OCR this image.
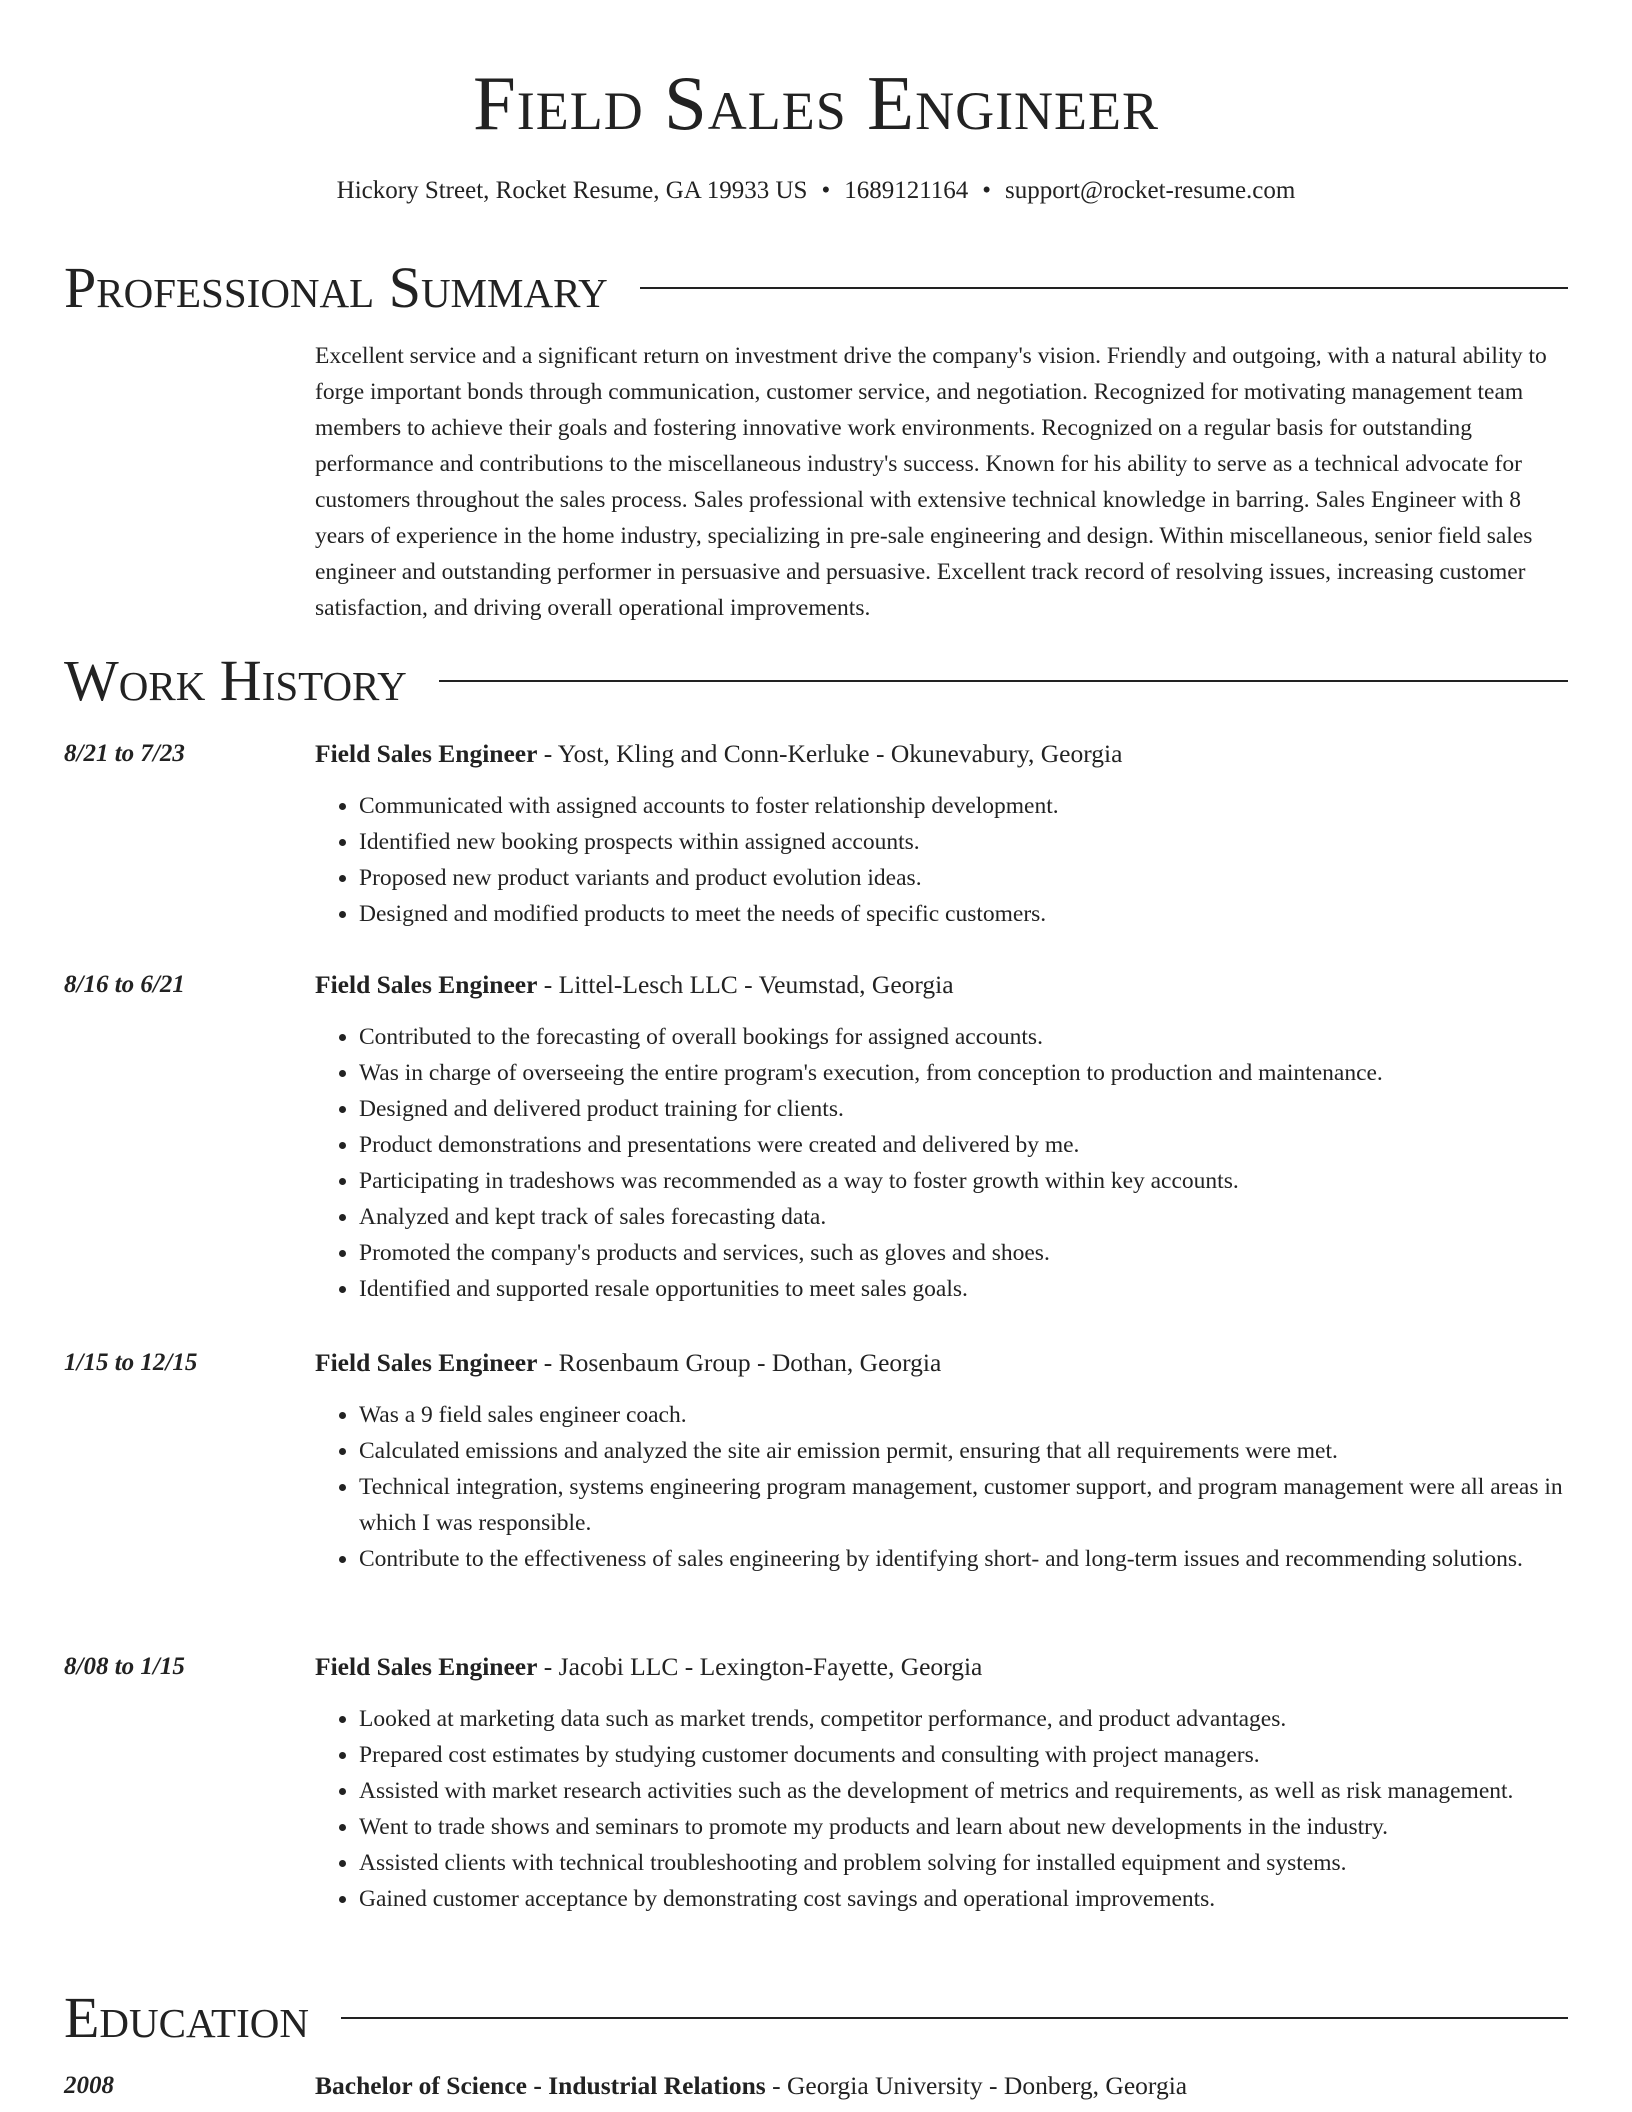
Field Sales Engineer
Hickory Street, Rocket Resume, GA 19933 US • 1689121164 • support@rocket-resume.com
Professional Summary

Excellent service and a significant return on investment drive the company's vision. Friendly and outgoing, with a natural ability to forge important bonds through communication, customer service, and negotiation. Recognized for motivating management team members to achieve their goals and fostering innovative work environments. Recognized on a regular basis for outstanding performance and contributions to the miscellaneous industry's success. Known for his ability to serve as a technical advocate for customers throughout the sales process. Sales professional with extensive technical knowledge in barring. Sales Engineer with 8 years of experience in the home industry, specializing in pre-sale engineering and design. Within miscellaneous, senior field sales engineer and outstanding performer in persuasive and persuasive. Excellent track record of resolving issues, increasing customer satisfaction, and driving overall operational improvements.

Work History
8/21 to 7/23	Field Sales Engineer - Yost, Kling and Conn-Kerluke - Okunevabury, Georgia
• Communicated with assigned accounts to foster relationship development.
• Identified new booking prospects within assigned accounts.
• Proposed new product variants and product evolution ideas.
• Designed and modified products to meet the needs of specific customers.
8/16 to 6/21	Field Sales Engineer - Littel-Lesch LLC - Veumstad, Georgia
• Contributed to the forecasting of overall bookings for assigned accounts.
• Was in charge of overseeing the entire program's execution, from conception to production and maintenance.
• Designed and delivered product training for clients.
• Product demonstrations and presentations were created and delivered by me.
• Participating in tradeshows was recommended as a way to foster growth within key accounts.
• Analyzed and kept track of sales forecasting data.
• Promoted the company's products and services, such as gloves and shoes.
• Identified and supported resale opportunities to meet sales goals.
1/15 to 12/15	Field Sales Engineer - Rosenbaum Group - Dothan, Georgia
• Was a 9 field sales engineer coach.
• Calculated emissions and analyzed the site air emission permit, ensuring that all requirements were met.
• Technical integration, systems engineering program management, customer support, and program management were all areas in which I was responsible.
• Contribute to the effectiveness of sales engineering by identifying short- and long-term issues and recommending solutions.
8/08 to 1/15	Field Sales Engineer - Jacobi LLC - Lexington-Fayette, Georgia
• Looked at marketing data such as market trends, competitor performance, and product advantages.
• Prepared cost estimates by studying customer documents and consulting with project managers.
• Assisted with market research activities such as the development of metrics and requirements, as well as risk management.
• Went to trade shows and seminars to promote my products and learn about new developments in the industry.
• Assisted clients with technical troubleshooting and problem solving for installed equipment and systems.
• Gained customer acceptance by demonstrating cost savings and operational improvements.
Education
2008	Bachelor of Science - Industrial Relations - Georgia University - Donberg, Georgia
